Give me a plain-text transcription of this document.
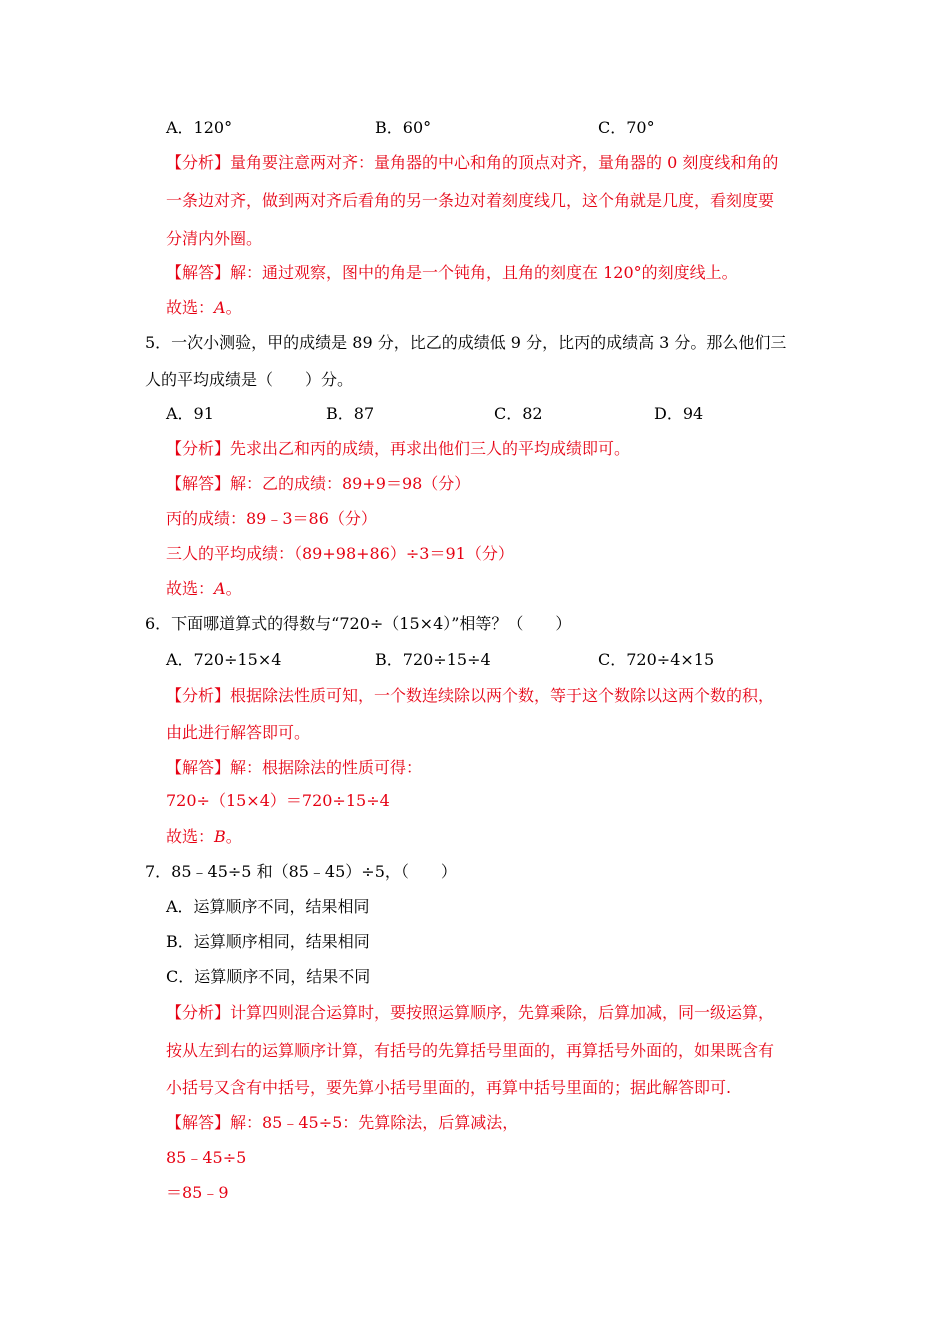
A．120°	B．60°	C．70°
【分析】量角要注意两对齐：量角器的中心和角的顶点对齐，量角器的 0 刻度线和角的
一条边对齐，做到两对齐后看角的另一条边对着刻度线几，这个角就是几度，看刻度要
分清内外圈。
【解答】解：通过观察，图中的角是一个钝角，且角的刻度在 120°的刻度线上。
故选：A。
5．一次小测验，甲的成绩是 89 分，比乙的成绩低 9 分，比丙的成绩高 3 分。那么他们三
人的平均成绩是（　　）分。
A．91	B．87	C．82	D．94
【分析】先求出乙和丙的成绩，再求出他们三人的平均成绩即可。
【解答】解：乙的成绩：89+9＝98（分）
丙的成绩：89﹣3＝86（分）
三人的平均成绩：（89+98+86）÷3＝91（分）
故选：A。
6．下面哪道算式的得数与“720÷（15×4）”相等？（　　）
A．720÷15×4	B．720÷15÷4	C．720÷4×15
【分析】根据除法性质可知，一个数连续除以两个数，等于这个数除以这两个数的积，
由此进行解答即可。
【解答】解：根据除法的性质可得：
720÷（15×4）＝720÷15÷4
故选：B。
7．85﹣45÷5 和（85﹣45）÷5，（　　）
A．运算顺序不同，结果相同
B．运算顺序相同，结果相同
C．运算顺序不同，结果不同
【分析】计算四则混合运算时，要按照运算顺序，先算乘除，后算加减，同一级运算，
按从左到右的运算顺序计算，有括号的先算括号里面的，再算括号外面的，如果既含有
小括号又含有中括号，要先算小括号里面的，再算中括号里面的；据此解答即可.
【解答】解：85﹣45÷5：先算除法，后算减法，
85﹣45÷5
＝85﹣9
